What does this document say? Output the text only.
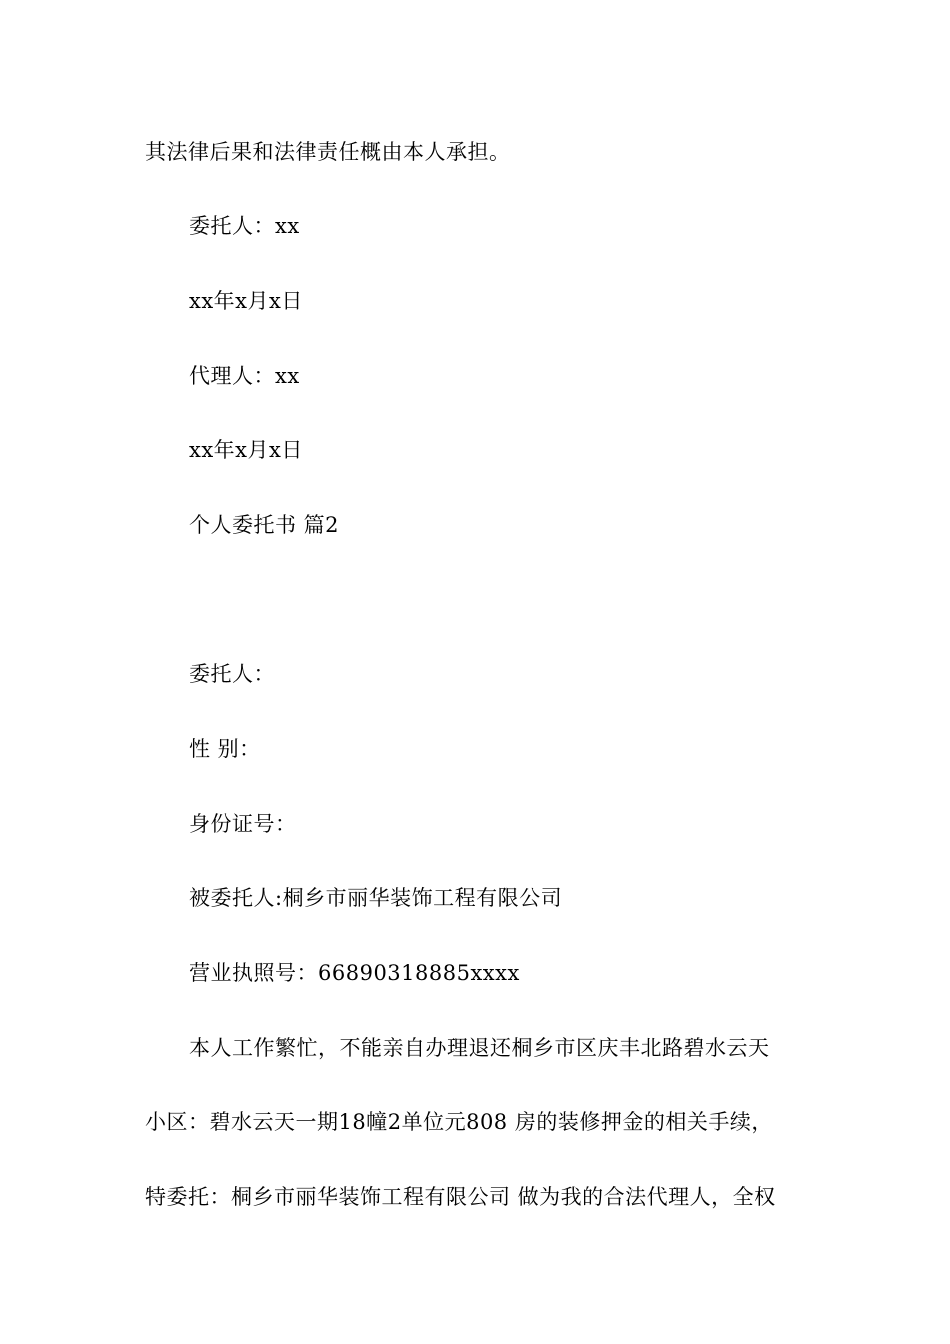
其法律后果和法律责任概由本人承担。

委托人：xx

xx年x月x日

代理人：xx

xx年x月x日

个人委托书 篇2

委托人：

性 别：

身份证号：

被委托人:桐乡市丽华装饰工程有限公司

营业执照号：66890318885xxxx

本人工作繁忙，不能亲自办理退还桐乡市区庆丰北路碧水云天

小区：碧水云天一期18幢2单位元808 房的装修押金的相关手续，

特委托：桐乡市丽华装饰工程有限公司 做为我的合法代理人，全权
